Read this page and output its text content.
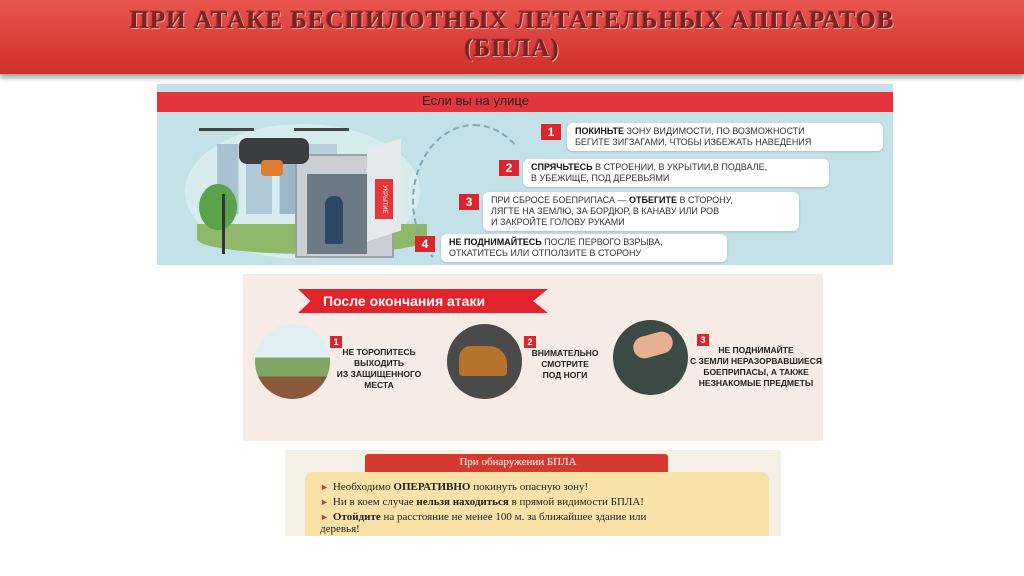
ПРИ АТАКЕ БЕСПИЛОТНЫХ ЛЕТАТЕЛЬНЫХ АППАРАТОВ
(БПЛА)
Если вы на улице
УКРЫТИЕ
1	ПОКИНЬТЕ ЗОНУ ВИДИМОСТИ, ПО ВОЗМОЖНОСТИ
БЕГИТЕ ЗИГЗАГАМИ, ЧТОБЫ ИЗБЕЖАТЬ НАВЕДЕНИЯ
2	СПРЯЧЬТЕСЬ В СТРОЕНИИ, В УКРЫТИИ,В ПОДВАЛЕ,
В УБЕЖИЩЕ, ПОД ДЕРЕВЬЯМИ
3	ПРИ СБРОСЕ БОЕПРИПАСА — ОТБЕГИТЕ В СТОРОНУ,
ЛЯГТЕ НА ЗЕМЛЮ, ЗА БОРДЮР, В КАНАВУ ИЛИ РОВ
И ЗАКРОЙТЕ ГОЛОВУ РУКАМИ
4	НЕ ПОДНИМАЙТЕСЬ ПОСЛЕ ПЕРВОГО ВЗРЫВА,
ОТКАТИТЕСЬ ИЛИ ОТПОЛЗИТЕ В СТОРОНУ
После окончания атаки
1
НЕ ТОРОПИТЕСЬ
ВЫХОДИТЬ
ИЗ ЗАЩИЩЕННОГО
МЕСТА
2
ВНИМАТЕЛЬНО
СМОТРИТЕ
ПОД НОГИ
3
НЕ ПОДНИМАЙТЕ
С ЗЕМЛИ НЕРАЗОРВАВШИЕСЯ
БОЕПРИПАСЫ, А ТАКЖЕ
НЕЗНАКОМЫЕ ПРЕДМЕТЫ
При обнаружении БПЛА
► Необходимо ОПЕРАТИВНО покинуть опасную зону!
► Ни в коем случае нельзя находиться в прямой видимости БПЛА!
► Отойдите на расстояние не менее 100 м. за ближайшее здание или
деревья!
